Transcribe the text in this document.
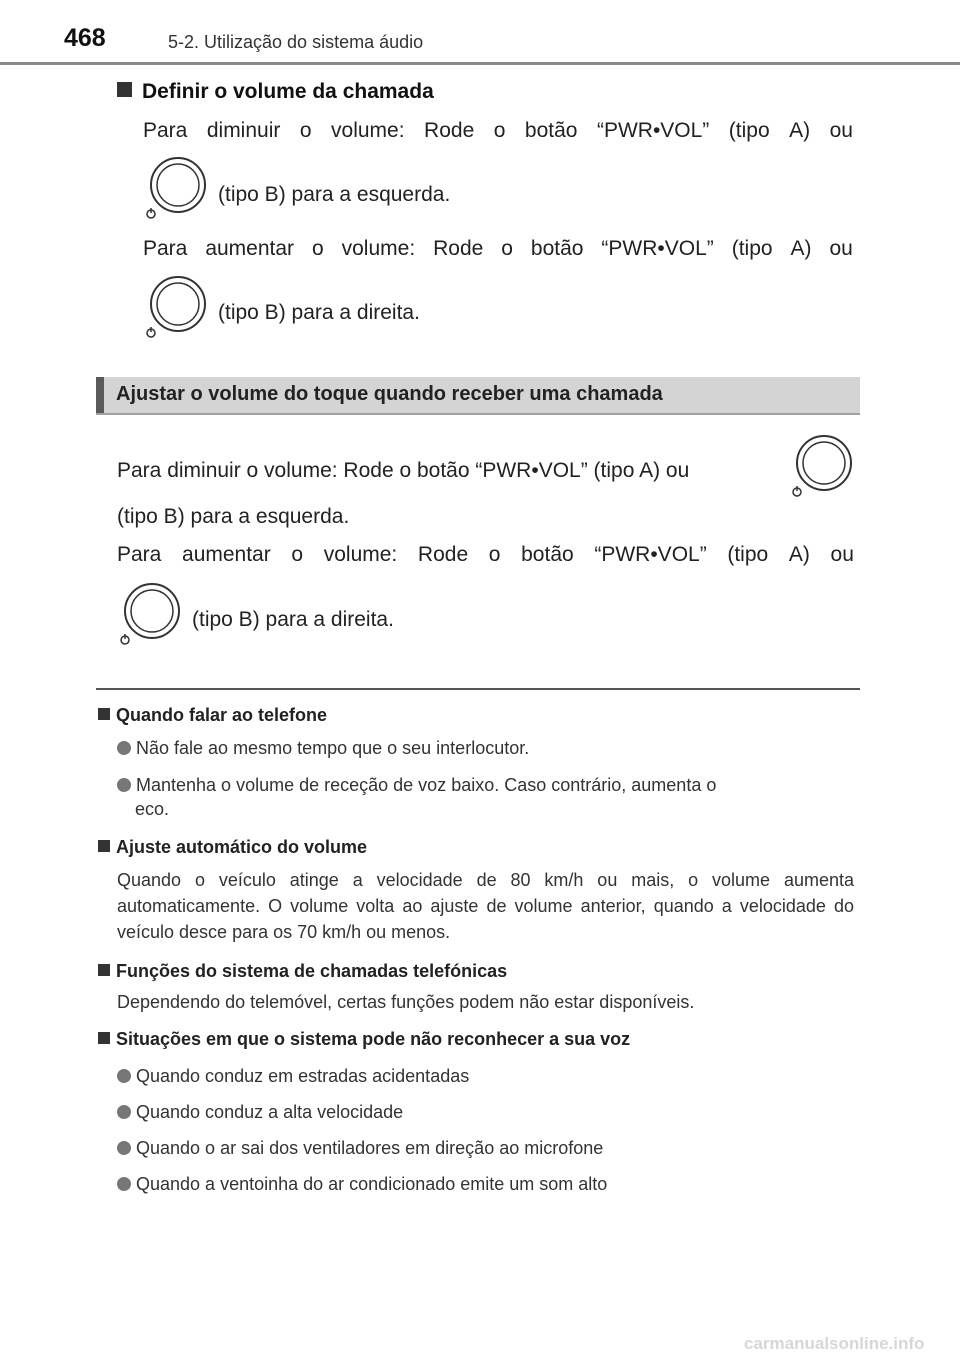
468	5-2. Utilização do sistema áudio
Definir o volume da chamada
Para diminuir o volume: Rode o botão “PWR•VOL” (tipo A) ou
(tipo B) para a esquerda.
Para aumentar o volume: Rode o botão “PWR•VOL” (tipo A) ou
(tipo B) para a direita.
Ajustar o volume do toque quando receber uma chamada
Para diminuir o volume: Rode o botão “PWR•VOL” (tipo A) ou
(tipo B) para a esquerda.
Para aumentar o volume: Rode o botão “PWR•VOL” (tipo A) ou
(tipo B) para a direita.
Quando falar ao telefone
Não fale ao mesmo tempo que o seu interlocutor.
Mantenha o volume de receção de voz baixo. Caso contrário, aumenta o
eco.
Ajuste automático do volume
Quando o veículo atinge a velocidade de 80 km/h ou mais, o volume aumenta automaticamente. O volume volta ao ajuste de volume anterior, quando a velocidade do veículo desce para os 70 km/h ou menos.
Funções do sistema de chamadas telefónicas
Dependendo do telemóvel, certas funções podem não estar disponíveis.
Situações em que o sistema pode não reconhecer a sua voz
Quando conduz em estradas acidentadas
Quando conduz a alta velocidade
Quando o ar sai dos ventiladores em direção ao microfone
Quando a ventoinha do ar condicionado emite um som alto
carmanualsonline.info
